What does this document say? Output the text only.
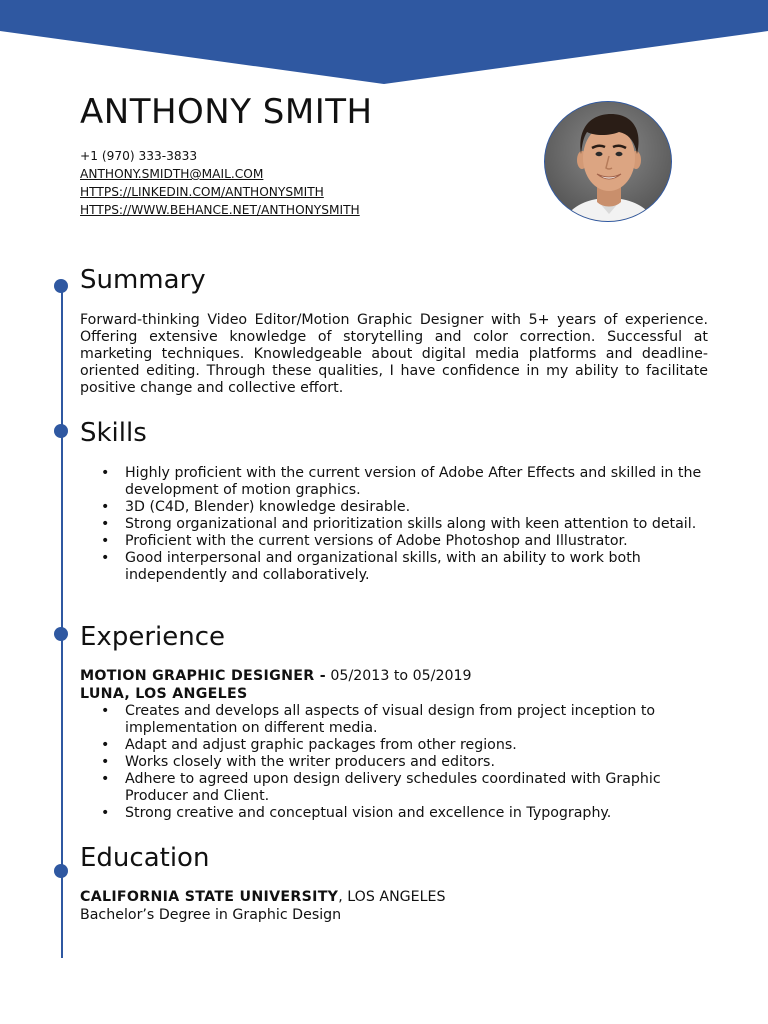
ANTHONY SMITH
+1 (970) 333-3833
ANTHONY.SMIDTH@MAIL.COM
HTTPS://LINKEDIN.COM/ANTHONYSMITH
HTTPS://WWW.BEHANCE.NET/ANTHONYSMITH
Summary

Forward-thinking Video Editor/Motion Graphic Designer with 5+ years of experience. Offering extensive knowledge of storytelling and color correction. Successful at marketing techniques. Knowledgeable about digital media platforms and deadline-oriented editing. Through these qualities, I have confidence in my ability to facilitate positive change and collective effort.

Skills
• Highly proficient with the current version of Adobe After Effects and skilled in the development of motion graphics.
• 3D (C4D, Blender) knowledge desirable.
• Strong organizational and prioritization skills along with keen attention to detail.
• Proficient with the current versions of Adobe Photoshop and Illustrator.
• Good interpersonal and organizational skills, with an ability to work both independently and collaboratively.
Experience
MOTION GRAPHIC DESIGNER - 05/2013 to 05/2019
LUNA, LOS ANGELES
• Creates and develops all aspects of visual design from project inception to implementation on different media.
• Adapt and adjust graphic packages from other regions.
• Works closely with the writer producers and editors.
• Adhere to agreed upon design delivery schedules coordinated with Graphic Producer and Client.
• Strong creative and conceptual vision and excellence in Typography.
Education
CALIFORNIA STATE UNIVERSITY, LOS ANGELES
Bachelor’s Degree in Graphic Design
